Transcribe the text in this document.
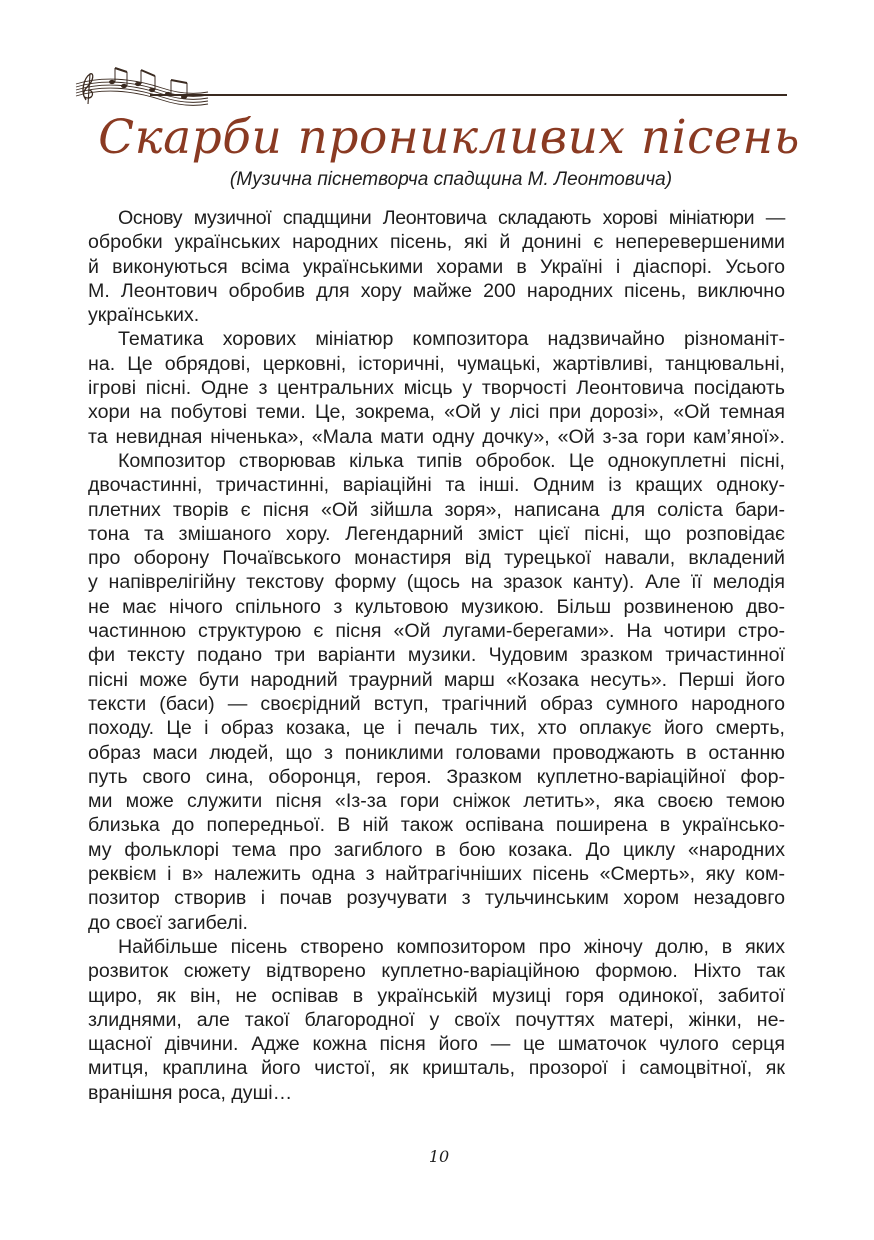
Скарби проникливих пісень
(Музична піснетворча спадщина М. Леонтовича)

Основу музичної спадщини Леонтовича складають хорові мініатюри —
обробки українських народних пісень, які й донині є неперевершеними
й виконуються всіма українськими хорами в Україні і діаспорі. Усього
М. Леонтович обробив для хору майже 200 народних пісень, виключно
українських.

Тематика хорових мініатюр композитора надзвичайно різноманіт-
на. Це обрядові, церковні, історичні, чумацькі, жартівливі, танцювальні,
ігрові пісні. Одне з центральних місць у творчості Леонтовича посідають
хори на побутові теми. Це, зокрема, «Ой у лісі при дорозі», «Ой темная
та невидная ніченька», «Мала мати одну дочку», «Ой з-за гори кам’яної».

Композитор створював кілька типів обробок. Це однокуплетні пісні,
двочастинні, тричастинні, варіаційні та інші. Одним із кращих одноку-
плетних творів є пісня «Ой зійшла зоря», написана для соліста бари-
тона та змішаного хору. Легендарний зміст цієї пісні, що розповідає
про оборону Почаївського монастиря від турецької навали, вкладений
у напіврелігійну текстову форму (щось на зразок канту). Але її мелодія
не має нічого спільного з культовою музикою. Більш розвиненою дво-
частинною структурою є пісня «Ой лугами-берегами». На чотири стро-
фи тексту подано три варіанти музики. Чудовим зразком тричастинної
пісні може бути народний траурний марш «Козака несуть». Перші його
тексти (баси) — своєрідний вступ, трагічний образ сумного народного
походу. Це і образ козака, це і печаль тих, хто оплакує його смерть,
образ маси людей, що з пониклими головами проводжають в останню
путь свого сина, оборонця, героя. Зразком куплетно-варіаційної фор-
ми може служити пісня «Із-за гори сніжок летить», яка своєю темою
близька до попередньої. В ній також оспівана поширена в українсько-
му фольклорі тема про загиблого в бою козака. До циклу «народних
реквієм і в» належить одна з найтрагічніших пісень «Смерть», яку ком-
позитор створив і почав розучувати з тульчинським хором незадовго
до своєї загибелі.

Найбільше пісень створено композитором про жіночу долю, в яких
розвиток сюжету відтворено куплетно-варіаційною формою. Ніхто так
щиро, як він, не оспівав в українській музиці горя одинокої, забитої
злиднями, але такої благородної у своїх почуттях матері, жінки, не-
щасної дівчини. Адже кожна пісня його — це шматочок чулого серця
митця, краплина його чистої, як кришталь, прозорої і самоцвітної, як
вранішня роса, душі…

10
